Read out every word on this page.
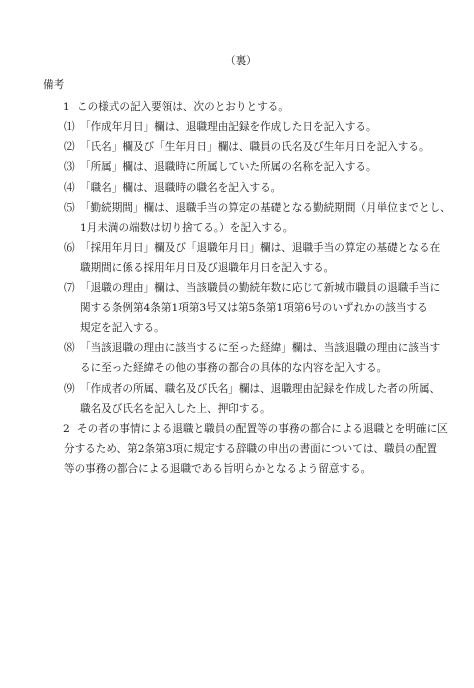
（裏）
備考
1 この様式の記入要領は、次のとおりとする。
⑴ 「作成年月日」欄は、退職理由記録を作成した日を記入する。
⑵ 「氏名」欄及び「生年月日」欄は、職員の氏名及び生年月日を記入する。
⑶ 「所属」欄は、退職時に所属していた所属の名称を記入する。
⑷ 「職名」欄は、退職時の職名を記入する。
⑸ 「勤続期間」欄は、退職手当の算定の基礎となる勤続期間（月単位までとし、
1月未満の端数は切り捨てる。）を記入する。
⑹ 「採用年月日」欄及び「退職年月日」欄は、退職手当の算定の基礎となる在
職期間に係る採用年月日及び退職年月日を記入する。
⑺ 「退職の理由」欄は、当該職員の勤続年数に応じて新城市職員の退職手当に
関する条例第4条第1項第3号又は第5条第1項第6号のいずれかの該当する
規定を記入する。
⑻ 「当該退職の理由に該当するに至った経緯」欄は、当該退職の理由に該当す
るに至った経緯その他の事務の都合の具体的な内容を記入する。
⑼ 「作成者の所属、職名及び氏名」欄は、退職理由記録を作成した者の所属、
職名及び氏名を記入した上、押印する。
2 その者の事情による退職と職員の配置等の事務の都合による退職とを明確に区
分するため、第2条第3項に規定する辞職の申出の書面については、職員の配置
等の事務の都合による退職である旨明らかとなるよう留意する。
